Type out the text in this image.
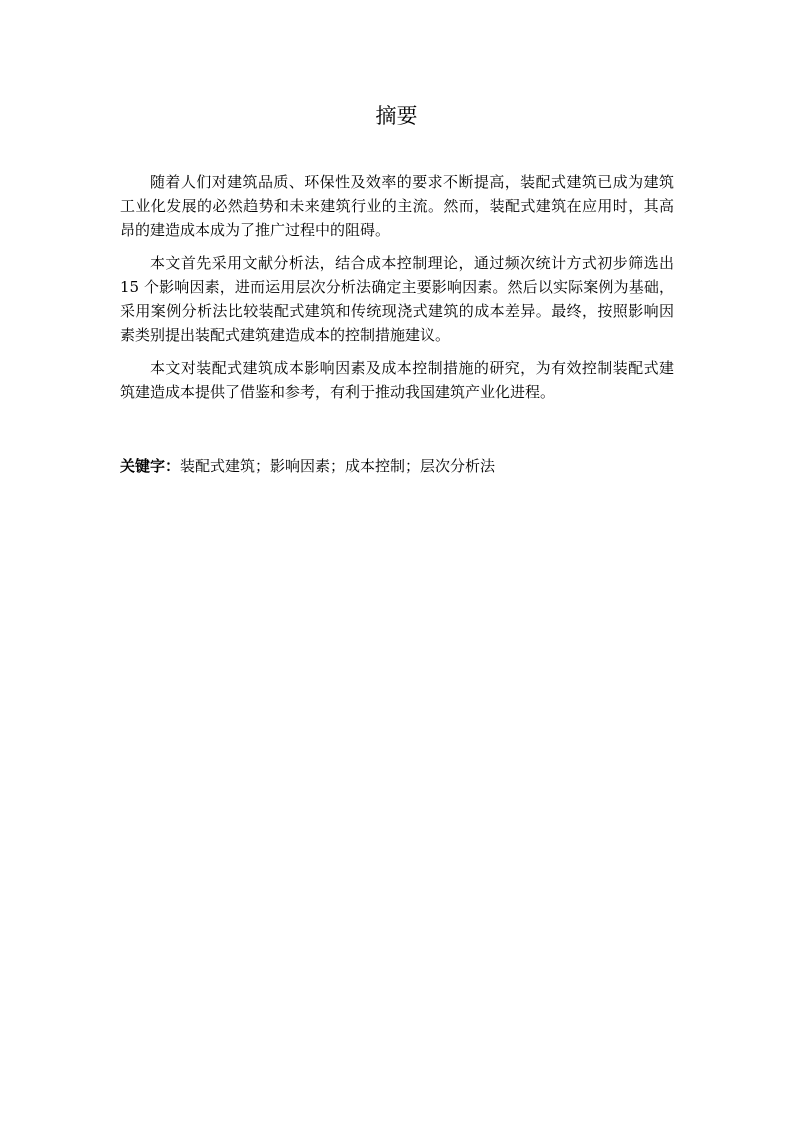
摘要

随着人们对建筑品质、环保性及效率的要求不断提高，装配式建筑已成为建筑工业化发展的必然趋势和未来建筑行业的主流。然而，装配式建筑在应用时，其高昂的建造成本成为了推广过程中的阻碍。

本文首先采用文献分析法，结合成本控制理论，通过频次统计方式初步筛选出 15 个影响因素，进而运用层次分析法确定主要影响因素。然后以实际案例为基础，采用案例分析法比较装配式建筑和传统现浇式建筑的成本差异。最终，按照影响因素类别提出装配式建筑建造成本的控制措施建议。

本文对装配式建筑成本影响因素及成本控制措施的研究，为有效控制装配式建筑建造成本提供了借鉴和参考，有利于推动我国建筑产业化进程。

关键字：装配式建筑；影响因素；成本控制；层次分析法
